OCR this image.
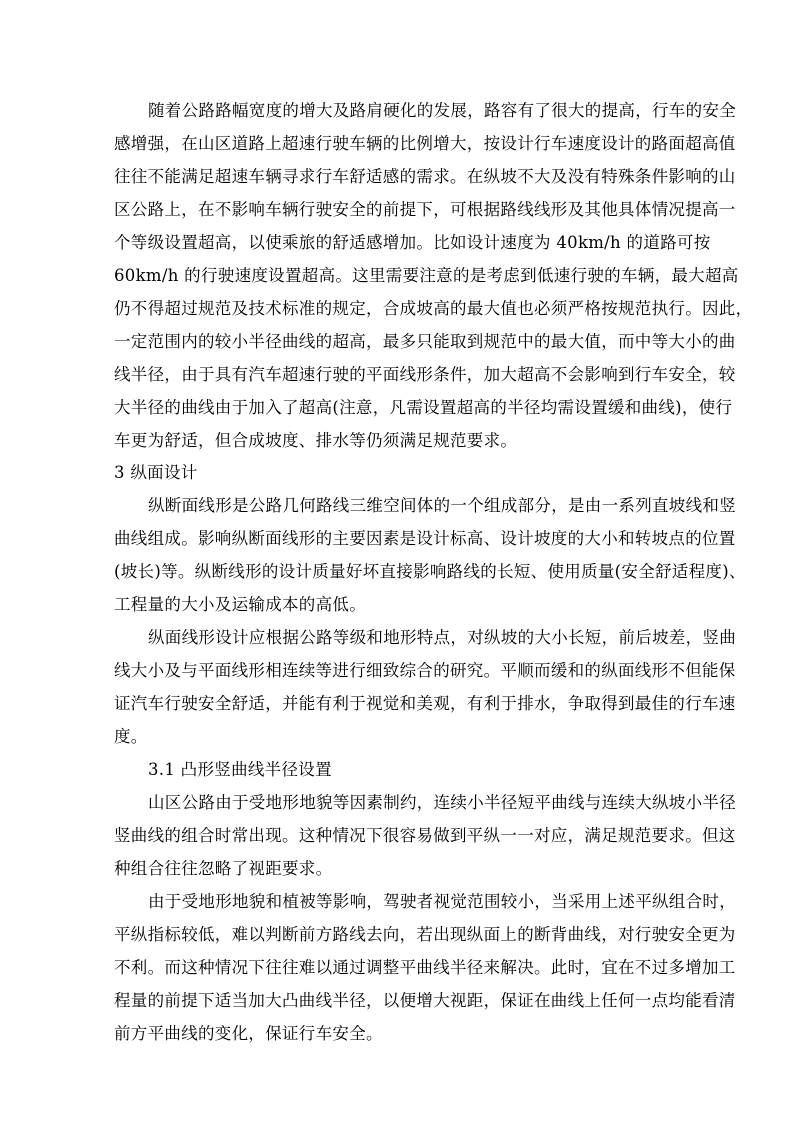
随着公路路幅宽度的增大及路肩硬化的发展，路容有了很大的提高，行车的安全
感增强，在山区道路上超速行驶车辆的比例增大，按设计行车速度设计的路面超高值
往往不能满足超速车辆寻求行车舒适感的需求。在纵坡不大及没有特殊条件影响的山
区公路上，在不影响车辆行驶安全的前提下，可根据路线线形及其他具体情况提高一
个等级设置超高，以使乘旅的舒适感增加。比如设计速度为 40km/h 的道路可按
60km/h 的行驶速度设置超高。这里需要注意的是考虑到低速行驶的车辆，最大超高
仍不得超过规范及技术标准的规定，合成坡高的最大值也必须严格按规范执行。因此，
一定范围内的较小半径曲线的超高，最多只能取到规范中的最大值，而中等大小的曲
线半径，由于具有汽车超速行驶的平面线形条件，加大超高不会影响到行车安全，较
大半径的曲线由于加入了超高(注意，凡需设置超高的半径均需设置缓和曲线)，使行
车更为舒适，但合成坡度、排水等仍须满足规范要求。
3 纵面设计
纵断面线形是公路几何路线三维空间体的一个组成部分，是由一系列直坡线和竖
曲线组成。影响纵断面线形的主要因素是设计标高、设计坡度的大小和转坡点的位置
(坡长)等。纵断线形的设计质量好坏直接影响路线的长短、使用质量(安全舒适程度)、
工程量的大小及运输成本的高低。
纵面线形设计应根据公路等级和地形特点，对纵坡的大小长短，前后坡差，竖曲
线大小及与平面线形相连续等进行细致综合的研究。平顺而缓和的纵面线形不但能保
证汽车行驶安全舒适，并能有利于视觉和美观，有利于排水，争取得到最佳的行车速
度。
3.1 凸形竖曲线半径设置
山区公路由于受地形地貌等因素制约，连续小半径短平曲线与连续大纵坡小半径
竖曲线的组合时常出现。这种情况下很容易做到平纵一一对应，满足规范要求。但这
种组合往往忽略了视距要求。
由于受地形地貌和植被等影响，驾驶者视觉范围较小，当采用上述平纵组合时，
平纵指标较低，难以判断前方路线去向，若出现纵面上的断背曲线，对行驶安全更为
不利。而这种情况下往往难以通过调整平曲线半径来解决。此时，宜在不过多增加工
程量的前提下适当加大凸曲线半径，以便增大视距，保证在曲线上任何一点均能看清
前方平曲线的变化，保证行车安全。
